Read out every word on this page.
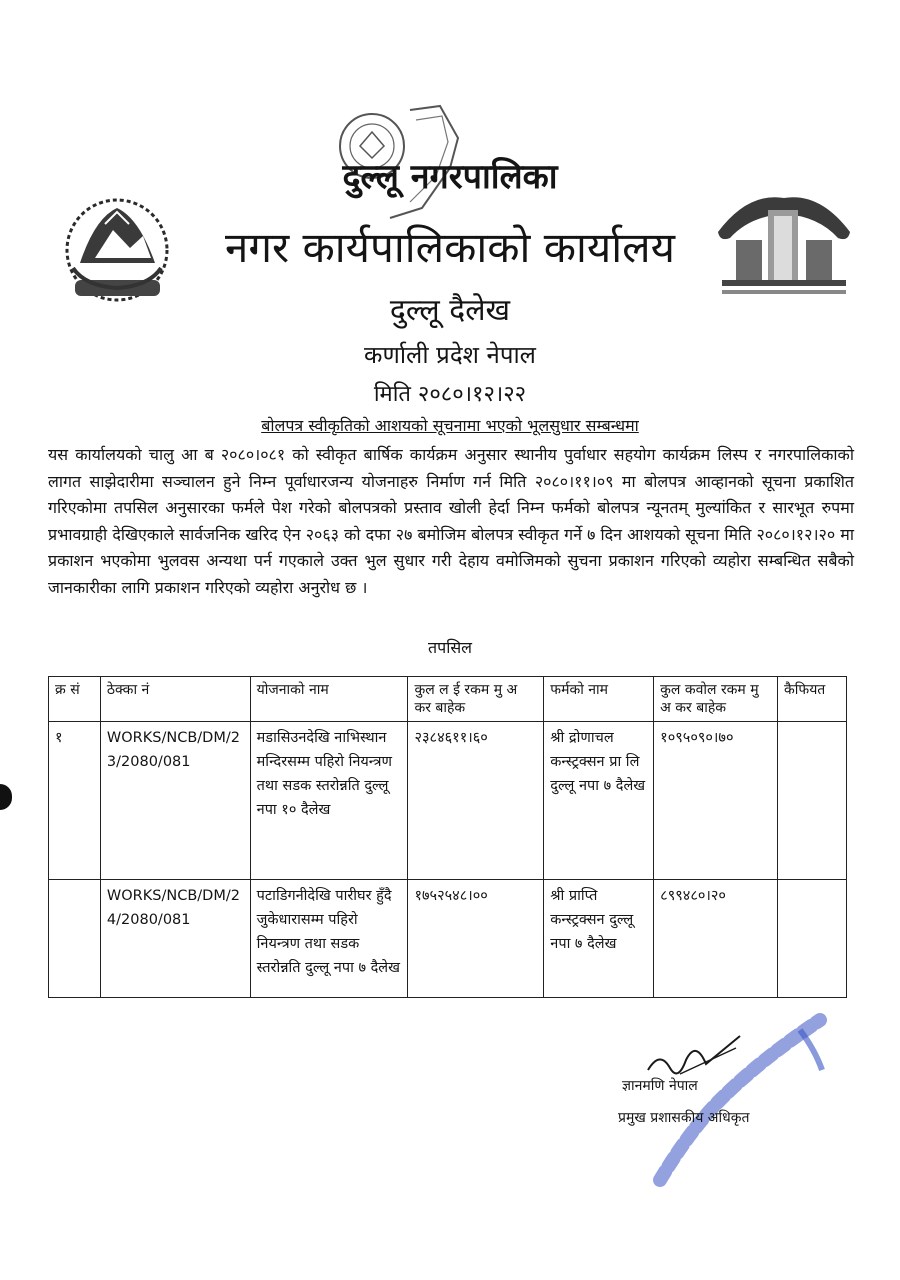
दुल्लू नगरपालिका
नगर कार्यपालिकाको कार्यालय
दुल्लू दैलेख
कर्णाली प्रदेश नेपाल
मिति २०८०।१२।२२
बोलपत्र स्वीकृतिको आशयको सूचनामा भएको भूलसुधार सम्बन्धमा
यस कार्यालयको चालु आ ब २०८०।०८१ को स्वीकृत बार्षिक कार्यक्रम अनुसार स्थानीय पुर्वाधार सहयोग कार्यक्रम लिस्प र नगरपालिकाको लागत साझेदारीमा सञ्चालन हुने निम्न पूर्वाधारजन्य योजनाहरु निर्माण गर्न मिति २०८०।११।०९ मा बोलपत्र आव्हानको सूचना प्रकाशित गरिएकोमा तपसिल अनुसारका फर्मले पेश गरेको बोलपत्रको प्रस्ताव खोली हेर्दा निम्न फर्मको बोलपत्र न्यूनतम् मुल्यांकित र सारभूत रुपमा प्रभावग्राही देखिएकाले सार्वजनिक खरिद ऐन २०६३ को दफा २७ बमोजिम बोलपत्र स्वीकृत गर्ने ७ दिन आशयको सूचना मिति २०८०।१२।२० मा प्रकाशन भएकोमा भुलवस अन्यथा पर्न गएकाले उक्त भुल सुधार गरी देहाय वमोजिमको सुचना प्रकाशन गरिएको व्यहोरा सम्बन्धित सबैको जानकारीका लागि प्रकाशन गरिएको व्यहोरा अनुरोध छ ।
तपसिल
क्र सं	ठेक्का नं	योजनाको नाम	कुल ल ई रकम मु अ कर बाहेक	फर्मको नाम	कुल कवोल रकम मु अ कर बाहेक	कैफियत
१	WORKS/NCB/DM/23/2080/081	मडासिउनदेखि नाभिस्थान मन्दिरसम्म पहिरो नियन्त्रण तथा सडक स्तरोन्नति दुल्लू नपा १० दैलेख	२३८४६११।६०	श्री द्रोणाचल कन्स्ट्रक्सन प्रा लि दुल्लू नपा ७ दैलेख	१०९५०९०।७०	
	WORKS/NCB/DM/24/2080/081	पटाडिगनीदेखि पारीघर हुँदै जुकेधारासम्म पहिरो नियन्त्रण तथा सडक स्तरोन्नति दुल्लू नपा ७ दैलेख	१७५२५४८।००	श्री प्राप्ति कन्स्ट्रक्सन दुल्लू नपा ७ दैलेख	८९९४८०।२०	
ज्ञानमणि नेपाल
प्रमुख प्रशासकीय अधिकृत
